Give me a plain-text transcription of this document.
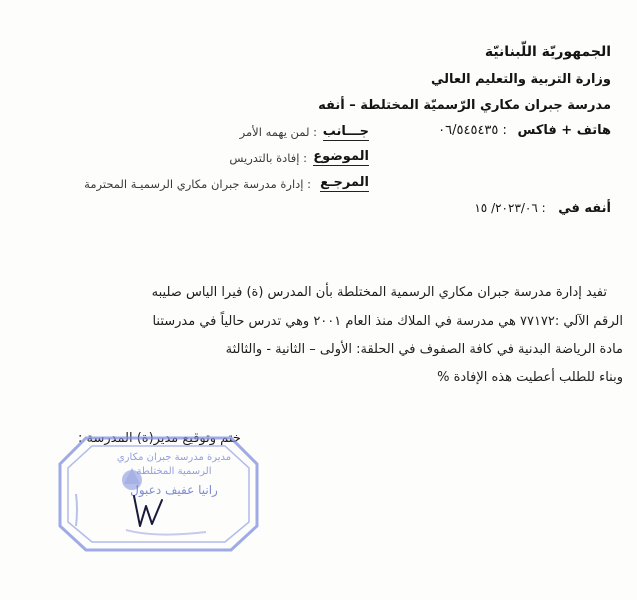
الجمهوريّة اللّبنانيّة
وزارة التربية والتعليم العالي
مدرسة جبران مكاري الرّسميّة المختلطة – أنفه
هاتف + فاكس : ٠٦/٥٤٥٤٣٥
جـــانب
: لمن يهمه الأمر
الموضوع
: إفادة بالتدريس
المرجـع
: إدارة مدرسة جبران مكاري الرسميـة المحترمة
أنفه في : ٢٠٢٣/٠٦/ ١٥
تفيد إدارة مدرسة جبران مكاري الرسمية المختلطة بأن المدرس (ة) فيرا الياس صليبه
الرقم الآلي :٧٧١٧٢ هي مدرسة في الملاك منذ العام ٢٠٠١ وهي تدرس حالياً في مدرستنا
مادة الرياضة البدنية في كافة الصفوف في الحلقة: الأولى – الثانية - والثالثة
وبناء للطلب أعطيت هذه الإفادة %
ختم وتوقيع مدير(ة) المدرسة :
مديرة مدرسة جبران مكاري
الرسمية المختلطة
رانيا عفيف دعبول
